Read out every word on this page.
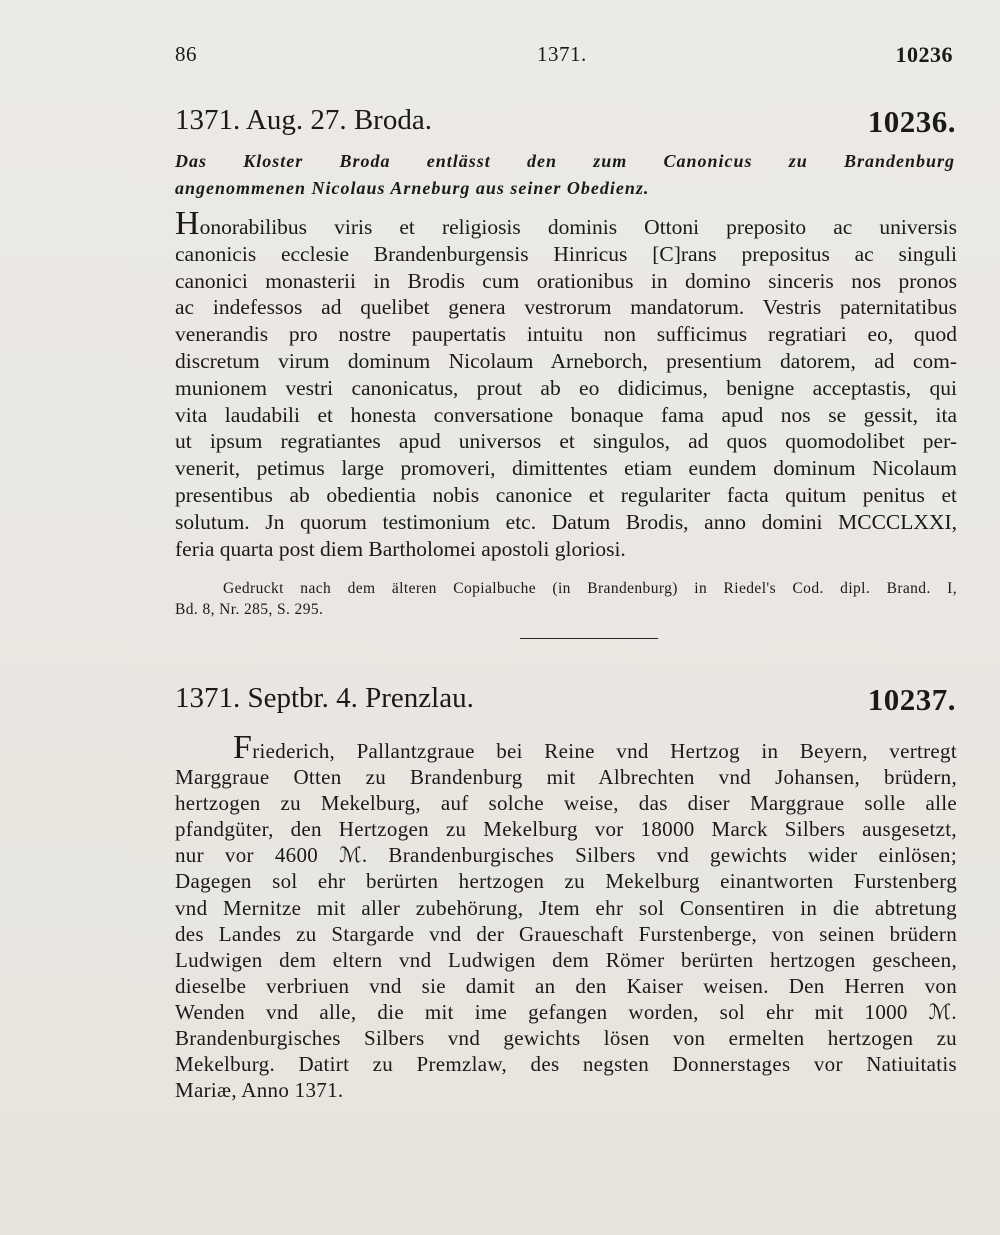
86	1371.	10236
1371. Aug. 27. Broda.	10236.
Das Kloster Broda entlässt den zum Canonicus zu Brandenburg
angenommenen Nicolaus Arneburg aus seiner Obedienz.
Honorabilibus viris et religiosis dominis Ottoni preposito ac universis
canonicis ecclesie Brandenburgensis Hinricus [C]rans prepositus ac singuli
canonici monasterii in Brodis cum orationibus in domino sinceris nos pronos
ac indefessos ad quelibet genera vestrorum mandatorum. Vestris paternitatibus
venerandis pro nostre paupertatis intuitu non sufficimus regratiari eo, quod
discretum virum dominum Nicolaum Arneborch, presentium datorem, ad com-
munionem vestri canonicatus, prout ab eo didicimus, benigne acceptastis, qui
vita laudabili et honesta conversatione bonaque fama apud nos se gessit, ita
ut ipsum regratiantes apud universos et singulos, ad quos quomodolibet per-
venerit, petimus large promoveri, dimittentes etiam eundem dominum Nicolaum
presentibus ab obedientia nobis canonice et regulariter facta quitum penitus et
solutum. Jn quorum testimonium etc. Datum Brodis, anno domini MCCCLXXI,
feria quarta post diem Bartholomei apostoli gloriosi.
Gedruckt nach dem älteren Copialbuche (in Brandenburg) in Riedel's Cod. dipl. Brand. I,
Bd. 8, Nr. 285, S. 295.
1371. Septbr. 4. Prenzlau.	10237.
Friederich, Pallantzgraue bei Reine vnd Hertzog in Beyern, vertregt
Marggraue Otten zu Brandenburg mit Albrechten vnd Johansen, brüdern,
hertzogen zu Mekelburg, auf solche weise, das diser Marggraue solle alle
pfandgüter, den Hertzogen zu Mekelburg vor 18000 Marck Silbers ausgesetzt,
nur vor 4600 ℳ︎. Brandenburgisches Silbers vnd gewichts wider einlösen;
Dagegen sol ehr berürten hertzogen zu Mekelburg einantworten Furstenberg
vnd Mernitze mit aller zubehörung, Jtem ehr sol Consentiren in die abtretung
des Landes zu Stargarde vnd der Graueschaft Furstenberge, von seinen brüdern
Ludwigen dem eltern vnd Ludwigen dem Römer berürten hertzogen gescheen,
dieselbe verbriuen vnd sie damit an den Kaiser weisen. Den Herren von
Wenden vnd alle, die mit ime gefangen worden, sol ehr mit 1000 ℳ︎.
Brandenburgisches Silbers vnd gewichts lösen von ermelten hertzogen zu
Mekelburg. Datirt zu Premzlaw, des negsten Donnerstages vor Natiuitatis
Mariæ, Anno 1371.
